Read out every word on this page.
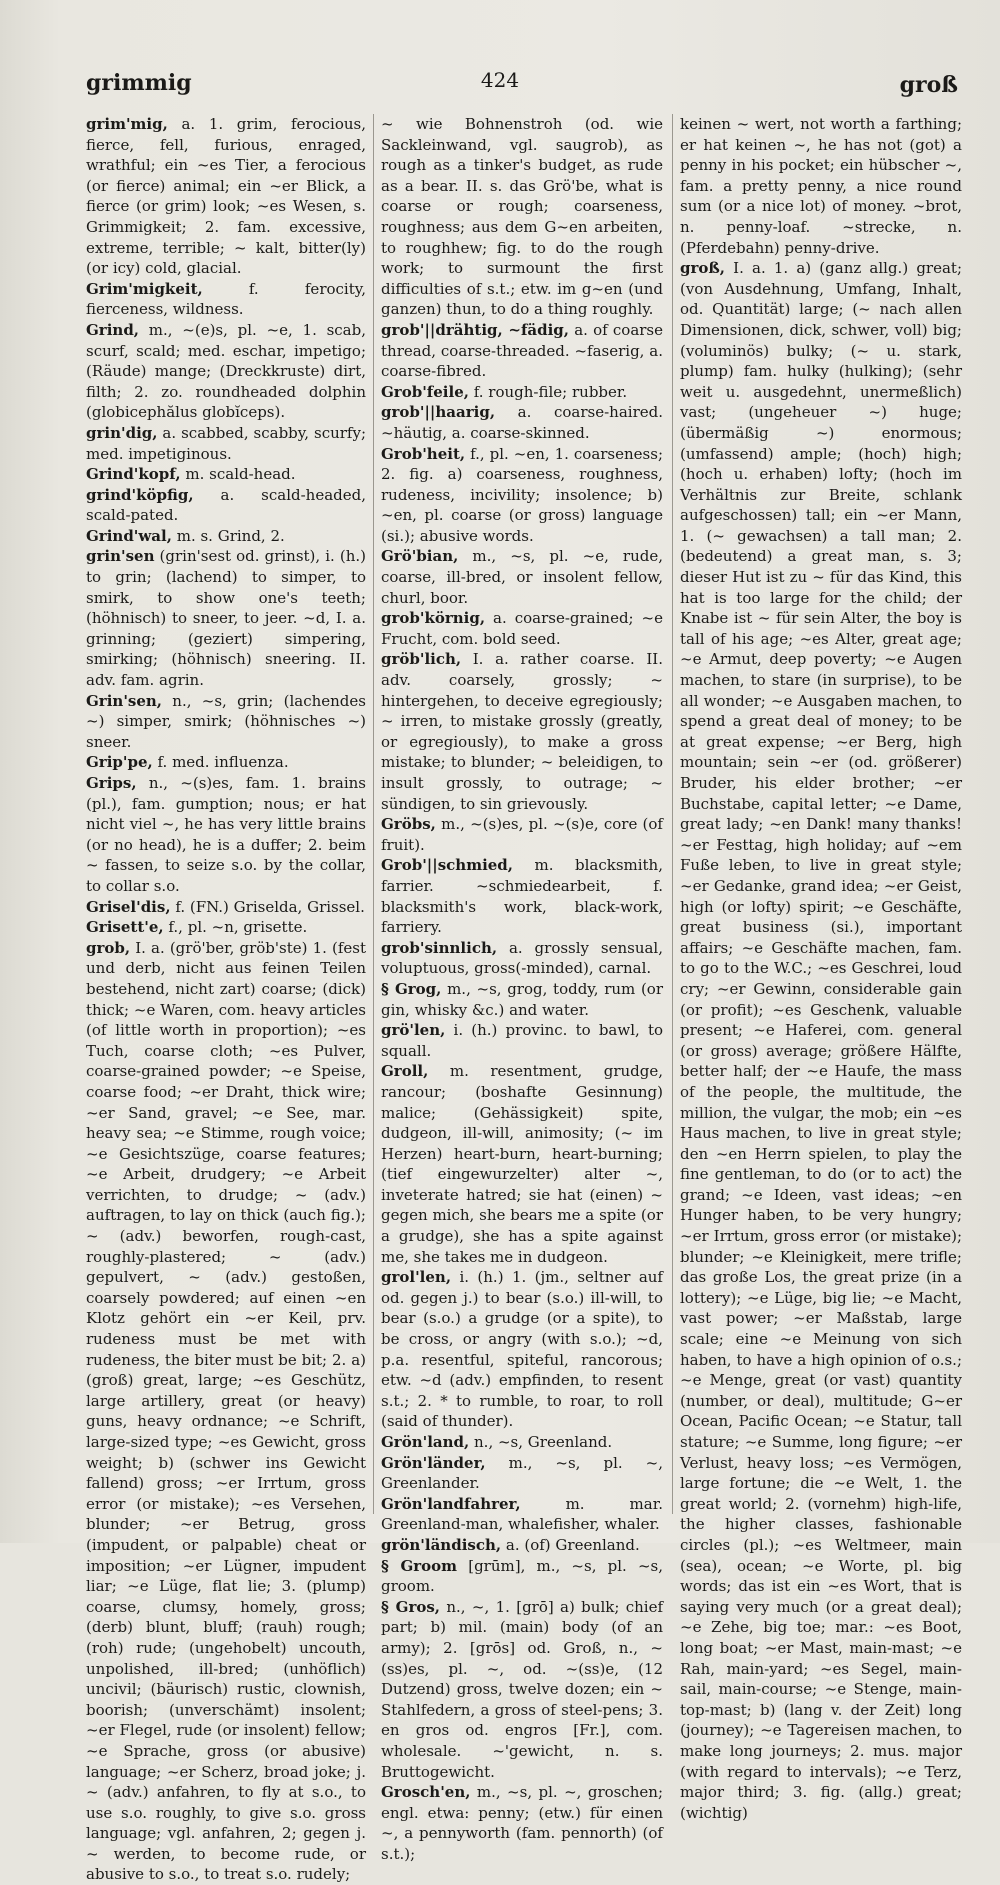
grimmig	424	groß

grim'mig, a. 1. grim, ferocious, fierce, fell, furious, enraged, wrathful; ein ~es Tier, a ferocious (or fierce) animal; ein ~er Blick, a fierce (or grim) look; ~es Wesen, s. Grimmigkeit; 2. fam. excessive, extreme, terrible; ~ kalt, bitter(ly) (or icy) cold, glacial.

Grim'migkeit, f. ferocity, fierceness, wildness.

Grind, m., ~(e)s, pl. ~e, 1. scab, scurf, scald; med. eschar, impetigo; (Räude) mange; (Dreckkruste) dirt, filth; 2. zo. roundheaded dolphin (globicephălus globĭceps).

grin'dig, a. scabbed, scabby, scurfy; med. impetiginous.

Grind'kopf, m. scald-head.

grind'köpfig, a. scald-headed, scald-pated.

Grind'wal, m. s. Grind, 2.

grin'sen (grin'sest od. grinst), i. (h.) to grin; (lachend) to simper, to smirk, to show one's teeth; (höhnisch) to sneer, to jeer. ~d, I. a. grinning; (geziert) simpering, smirking; (höhnisch) sneering. II. adv. fam. agrin.

Grin'sen, n., ~s, grin; (lachendes ~) simper, smirk; (höhnisches ~) sneer.

Grip'pe, f. med. influenza.

Grips, n., ~(s)es, fam. 1. brains (pl.), fam. gumption; nous; er hat nicht viel ~, he has very little brains (or no head), he is a duffer; 2. beim ~ fassen, to seize s.o. by the collar, to collar s.o.

Grisel'dis, f. (FN.) Griselda, Grissel.

Grisett'e, f., pl. ~n, grisette.

grob, I. a. (grö'ber, gröb'ste) 1. (fest und derb, nicht aus feinen Teilen bestehend, nicht zart) coarse; (dick) thick; ~e Waren, com. heavy articles (of little worth in proportion); ~es Tuch, coarse cloth; ~es Pulver, coarse-grained powder; ~e Speise, coarse food; ~er Draht, thick wire; ~er Sand, gravel; ~e See, mar. heavy sea; ~e Stimme, rough voice; ~e Gesichtszüge, coarse features; ~e Arbeit, drudgery; ~e Arbeit verrichten, to drudge; ~ (adv.) auftragen, to lay on thick (auch fig.); ~ (adv.) beworfen, rough-cast, roughly-plastered; ~ (adv.) gepulvert, ~ (adv.) gestoßen, coarsely powdered; auf einen ~en Klotz gehört ein ~er Keil, prv. rudeness must be met with rudeness, the biter must be bit; 2. a) (groß) great, large; ~es Geschütz, large artillery, great (or heavy) guns, heavy ordnance; ~e Schrift, large-sized type; ~es Gewicht, gross weight; b) (schwer ins Gewicht fallend) gross; ~er Irrtum, gross error (or mistake); ~es Versehen, blunder; ~er Betrug, gross (impudent, or palpable) cheat or imposition; ~er Lügner, impudent liar; ~e Lüge, flat lie; 3. (plump) coarse, clumsy, homely, gross; (derb) blunt, bluff; (rauh) rough; (roh) rude; (ungehobelt) uncouth, unpolished, ill-bred; (unhöflich) uncivil; (bäurisch) rustic, clownish, boorish; (unverschämt) insolent; ~er Flegel, rude (or insolent) fellow; ~e Sprache, gross (or abusive) language; ~er Scherz, broad joke; j. ~ (adv.) anfahren, to fly at s.o., to use s.o. roughly, to give s.o. gross language; vgl. anfahren, 2; gegen j. ~ werden, to become rude, or abusive to s.o., to treat s.o. rudely;

~ wie Bohnenstroh (od. wie Sackleinwand, vgl. saugrob), as rough as a tinker's budget, as rude as a bear. II. s. das Grö'be, what is coarse or rough; coarseness, roughness; aus dem G~en arbeiten, to roughhew; fig. to do the rough work; to surmount the first difficulties of s.t.; etw. im g~en (und ganzen) thun, to do a thing roughly.

grob'||drähtig, ~fädig, a. of coarse thread, coarse-threaded. ~faserig, a. coarse-fibred.

Grob'feile, f. rough-file; rubber.

grob'||haarig, a. coarse-haired. ~häutig, a. coarse-skinned.

Grob'heit, f., pl. ~en, 1. coarseness; 2. fig. a) coarseness, roughness, rudeness, incivility; insolence; b) ~en, pl. coarse (or gross) language (si.); abusive words.

Grö'bian, m., ~s, pl. ~e, rude, coarse, ill-bred, or insolent fellow, churl, boor.

grob'körnig, a. coarse-grained; ~e Frucht, com. bold seed.

gröb'lich, I. a. rather coarse. II. adv. coarsely, grossly; ~ hintergehen, to deceive egregiously; ~ irren, to mistake grossly (greatly, or egregiously), to make a gross mistake; to blunder; ~ beleidigen, to insult grossly, to outrage; ~ sündigen, to sin grievously.

Gröbs, m., ~(s)es, pl. ~(s)e, core (of fruit).

Grob'||schmied, m. blacksmith, farrier. ~schmiedearbeit, f. blacksmith's work, black-work, farriery.

grob'sinnlich, a. grossly sensual, voluptuous, gross(-minded), carnal.

§ Grog, m., ~s, grog, toddy, rum (or gin, whisky &c.) and water.

grö'len, i. (h.) provinc. to bawl, to squall.

Groll, m. resentment, grudge, rancour; (boshafte Gesinnung) malice; (Gehässigkeit) spite, dudgeon, ill-will, animosity; (~ im Herzen) heart-burn, heart-burning; (tief eingewurzelter) alter ~, inveterate hatred; sie hat (einen) ~ gegen mich, she bears me a spite (or a grudge), she has a spite against me, she takes me in dudgeon.

grol'len, i. (h.) 1. (jm., seltner auf od. gegen j.) to bear (s.o.) ill-will, to bear (s.o.) a grudge (or a spite), to be cross, or angry (with s.o.); ~d, p.a. resentful, spiteful, rancorous; etw. ~d (adv.) empfinden, to resent s.t.; 2. * to rumble, to roar, to roll (said of thunder).

Grön'land, n., ~s, Greenland.

Grön'länder, m., ~s, pl. ~, Greenlander.

Grön'landfahrer, m. mar. Greenland-man, whalefisher, whaler.

grön'ländisch, a. (of) Greenland.

§ Groom [grūm], m., ~s, pl. ~s, groom.

§ Gros, n., ~, 1. [grō] a) bulk; chief part; b) mil. (main) body (of an army); 2. [grōs] od. Groß, n., ~(ss)es, pl. ~, od. ~(ss)e, (12 Dutzend) gross, twelve dozen; ein ~ Stahlfedern, a gross of steel-pens; 3. en gros od. engros [Fr.], com. wholesale. ~'gewicht, n. s. Bruttogewicht.

Grosch'en, m., ~s, pl. ~, groschen; engl. etwa: penny; (etw.) für einen ~, a pennyworth (fam. pennorth) (of s.t.);

keinen ~ wert, not worth a farthing; er hat keinen ~, he has not (got) a penny in his pocket; ein hübscher ~, fam. a pretty penny, a nice round sum (or a nice lot) of money. ~brot, n. penny-loaf. ~strecke, n. (Pferdebahn) penny-drive.

groß, I. a. 1. a) (ganz allg.) great; (von Ausdehnung, Umfang, Inhalt, od. Quantität) large; (~ nach allen Dimensionen, dick, schwer, voll) big; (voluminös) bulky; (~ u. stark, plump) fam. hulky (hulking); (sehr weit u. ausgedehnt, unermeßlich) vast; (ungeheuer ~) huge; (übermäßig ~) enormous; (umfassend) ample; (hoch) high; (hoch u. erhaben) lofty; (hoch im Verhältnis zur Breite, schlank aufgeschossen) tall; ein ~er Mann, 1. (~ gewachsen) a tall man; 2. (bedeutend) a great man, s. 3; dieser Hut ist zu ~ für das Kind, this hat is too large for the child; der Knabe ist ~ für sein Alter, the boy is tall of his age; ~es Alter, great age; ~e Armut, deep poverty; ~e Augen machen, to stare (in surprise), to be all wonder; ~e Ausgaben machen, to spend a great deal of money; to be at great expense; ~er Berg, high mountain; sein ~er (od. größerer) Bruder, his elder brother; ~er Buchstabe, capital letter; ~e Dame, great lady; ~en Dank! many thanks! ~er Festtag, high holiday; auf ~em Fuße leben, to live in great style; ~er Gedanke, grand idea; ~er Geist, high (or lofty) spirit; ~e Geschäfte, great business (si.), important affairs; ~e Geschäfte machen, fam. to go to the W.C.; ~es Geschrei, loud cry; ~er Gewinn, considerable gain (or profit); ~es Geschenk, valuable present; ~e Haferei, com. general (or gross) average; größere Hälfte, better half; der ~e Haufe, the mass of the people, the multitude, the million, the vulgar, the mob; ein ~es Haus machen, to live in great style; den ~en Herrn spielen, to play the fine gentleman, to do (or to act) the grand; ~e Ideen, vast ideas; ~en Hunger haben, to be very hungry; ~er Irrtum, gross error (or mistake); blunder; ~e Kleinigkeit, mere trifle; das große Los, the great prize (in a lottery); ~e Lüge, big lie; ~e Macht, vast power; ~er Maßstab, large scale; eine ~e Meinung von sich haben, to have a high opinion of o.s.; ~e Menge, great (or vast) quantity (number, or deal), multitude; G~er Ocean, Pacific Ocean; ~e Statur, tall stature; ~e Summe, long figure; ~er Verlust, heavy loss; ~es Vermögen, large fortune; die ~e Welt, 1. the great world; 2. (vornehm) high-life, the higher classes, fashionable circles (pl.); ~es Weltmeer, main (sea), ocean; ~e Worte, pl. big words; das ist ein ~es Wort, that is saying very much (or a great deal); ~e Zehe, big toe; mar.: ~es Boot, long boat; ~er Mast, main-mast; ~e Rah, main-yard; ~es Segel, main-sail, main-course; ~e Stenge, main-top-mast; b) (lang v. der Zeit) long (journey); ~e Tagereisen machen, to make long journeys; 2. mus. major (with regard to intervals); ~e Terz, major third; 3. fig. (allg.) great; (wichtig)
